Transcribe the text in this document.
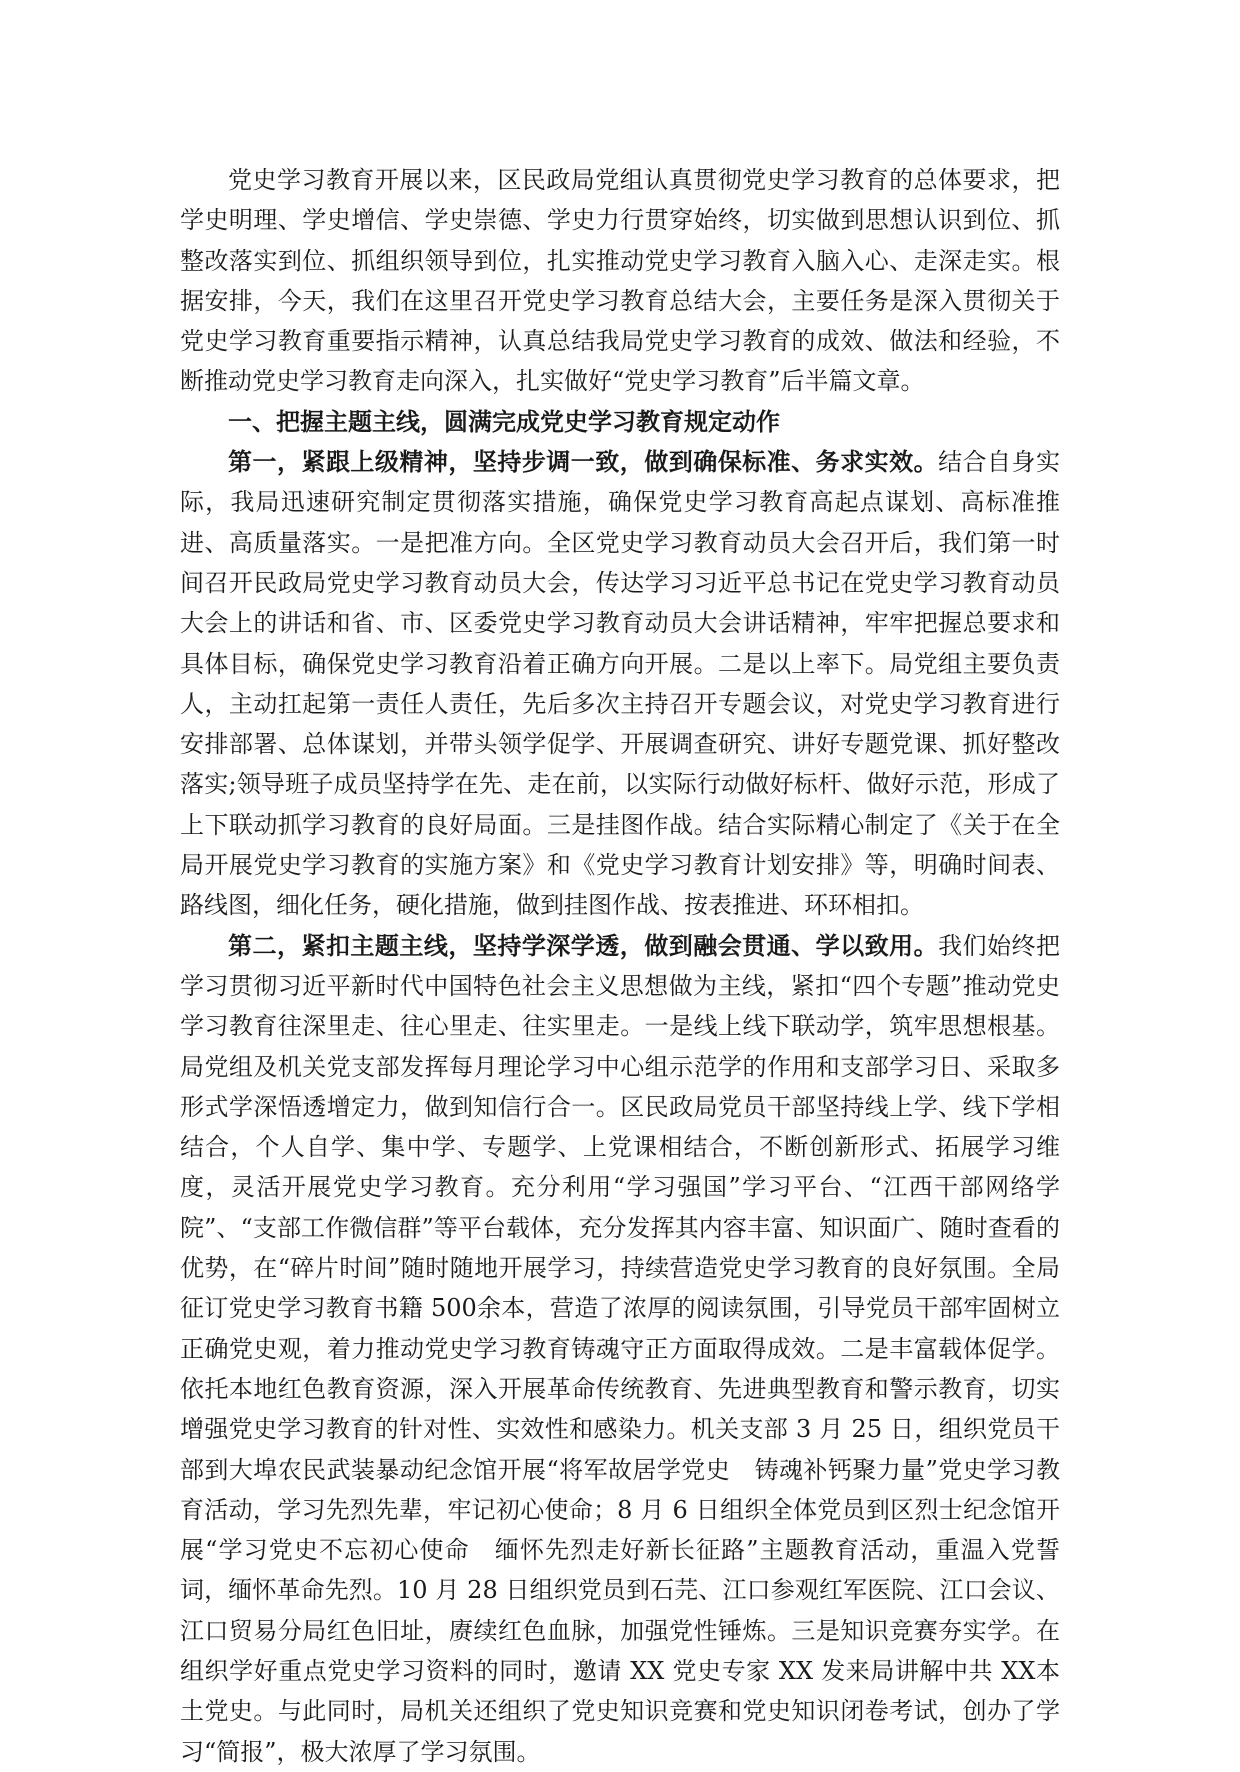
党史学习教育开展以来，区民政局党组认真贯彻党史学习教育的总体要求，把学史明理、学史增信、学史崇德、学史力行贯穿始终，切实做到思想认识到位、抓整改落实到位、抓组织领导到位，扎实推动党史学习教育入脑入心、走深走实。根据安排，今天，我们在这里召开党史学习教育总结大会，主要任务是深入贯彻关于党史学习教育重要指示精神，认真总结我局党史学习教育的成效、做法和经验，不断推动党史学习教育走向深入，扎实做好“党史学习教育”后半篇文章。

一、把握主题主线，圆满完成党史学习教育规定动作

第一，紧跟上级精神，坚持步调一致，做到确保标准、务求实效。结合自身实际，我局迅速研究制定贯彻落实措施，确保党史学习教育高起点谋划、高标准推进、高质量落实。一是把准方向。全区党史学习教育动员大会召开后，我们第一时间召开民政局党史学习教育动员大会，传达学习习近平总书记在党史学习教育动员大会上的讲话和省、市、区委党史学习教育动员大会讲话精神，牢牢把握总要求和具体目标，确保党史学习教育沿着正确方向开展。二是以上率下。局党组主要负责人，主动扛起第一责任人责任，先后多次主持召开专题会议，对党史学习教育进行安排部署、总体谋划，并带头领学促学、开展调查研究、讲好专题党课、抓好整改落实;领导班子成员坚持学在先、走在前，以实际行动做好标杆、做好示范，形成了上下联动抓学习教育的良好局面。三是挂图作战。结合实际精心制定了《关于在全局开展党史学习教育的实施方案》和《党史学习教育计划安排》等，明确时间表、路线图，细化任务，硬化措施，做到挂图作战、按表推进、环环相扣。

第二，紧扣主题主线，坚持学深学透，做到融会贯通、学以致用。我们始终把学习贯彻习近平新时代中国特色社会主义思想做为主线，紧扣“四个专题”推动党史学习教育往深里走、往心里走、往实里走。一是线上线下联动学，筑牢思想根基。局党组及机关党支部发挥每月理论学习中心组示范学的作用和支部学习日、采取多形式学深悟透增定力，做到知信行合一。区民政局党员干部坚持线上学、线下学相结合，个人自学、集中学、专题学、上党课相结合，不断创新形式、拓展学习维度，灵活开展党史学习教育。充分利用“学习强国”学习平台、“江西干部网络学院”、“支部工作微信群”等平台载体，充分发挥其内容丰富、知识面广、随时查看的优势，在“碎片时间”随时随地开展学习，持续营造党史学习教育的良好氛围。全局征订党史学习教育书籍 500余本，营造了浓厚的阅读氛围，引导党员干部牢固树立正确党史观，着力推动党史学习教育铸魂守正方面取得成效。二是丰富载体促学。依托本地红色教育资源，深入开展革命传统教育、先进典型教育和警示教育，切实增强党史学习教育的针对性、实效性和感染力。机关支部 3 月 25 日，组织党员干部到大埠农民武装暴动纪念馆开展“将军故居学党史　铸魂补钙聚力量”党史学习教育活动，学习先烈先辈，牢记初心使命；8 月 6 日组织全体党员到区烈士纪念馆开展“学习党史不忘初心使命　缅怀先烈走好新长征路”主题教育活动，重温入党誓词，缅怀革命先烈。10 月 28 日组织党员到石芫、江口参观红军医院、江口会议、江口贸易分局红色旧址，赓续红色血脉，加强党性锤炼。三是知识竞赛夯实学。在组织学好重点党史学习资料的同时，邀请 XX 党史专家 XX 发来局讲解中共 XX本土党史。与此同时，局机关还组织了党史知识竞赛和党史知识闭卷考试，创办了学习“简报”，极大浓厚了学习氛围。
